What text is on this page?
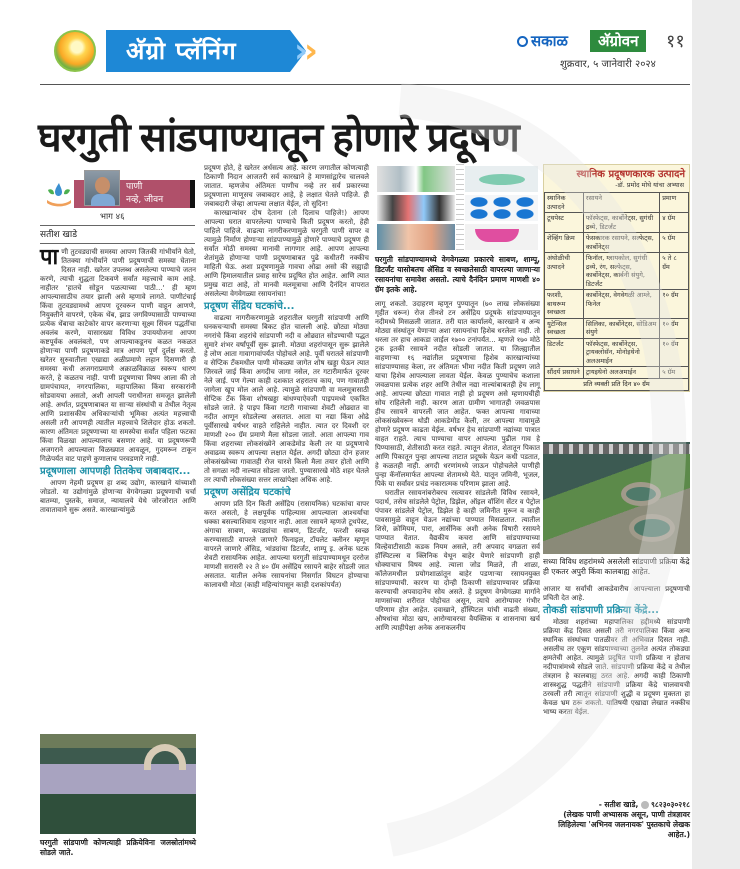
अ‍ॅग्रो प्लॅनिंग	›
›	सकाळ	अ‍ॅग्रोवन	११
शुक्रवार, ५ जानेवारी २०२४
घरगुती सांडपाण्यातून होणारे प्रदूषण
पाणी
नव्हे, जीवन
भाग ४६
सतीश खाडे

पाणी तुटवड्याची समस्या आपण जितकी गांभीर्याने घेतो, तितक्या गांभीर्याने पाणी प्रदूषणाची समस्या घेताना दिसत नाही. खरेतर उपलब्ध असलेल्या पाण्याचे जतन करणे, त्याची शुद्धता टिकवणे सर्वांत महत्त्वाचे काम आहे. नाहीतर 'हातचे सोडून पळत्याच्या पाठी...' ही म्हण आपल्यासाठीच तयार झाली असे म्हणावे लागते. पाणीटंचाई किंवा तुटवड्यामध्ये आपण दूरवरून पाणी वाहून आणणे, नियुक्तीने वापरणे, एकेक थेंब, झाड जगविण्यासाठी पाण्याच्या प्रत्येक थेंबाचा काटेकोर वापर करणाऱ्या सूक्ष्म सिंचन पद्धतींचा अवलंब करणे, यासारख्या विविध उपाययोजना आपण कष्टपूर्वक अवलंबतो, पण आपल्याकडूनच कळत नकळत होणाऱ्या पाणी प्रदूषणाकडे मात्र आपण पूर्ण दुर्लक्ष करतो. खरेतर सुरुवातीला एखाद्या अळीप्रमाणे लहान दिसणारी ही समस्या कधी अजगराप्रमाणे अक्राळविक्राळ स्वरूप धारण करते, हे कळतच नाही. पाणी प्रदूषणाचा विषय आला की तो ग्रामपंचायत, नगरपालिका, महापालिका किंवा सरकारांनी सोडवायचा असतो, अशी आपली पराधीनता समजूत झालेली आहे. अर्थात, प्रदूषणाबाबत या साऱ्या संस्थांची व तेथील नेतृत्व आणि प्रशासकीय अधिकाऱ्यांची भूमिका अत्यंत महत्त्वाची असली तरी आपणही त्यातील महत्त्वाचे शिलेदार होऊ शकतो. कारण अंतिमतः प्रदूषणाच्या या समस्येचा सर्वांत पहिला फटका किंवा विळखा आपल्यालाच बसणार आहे. या प्रदूषणरूपी अजगराने आपल्याला विळख्यात आवळून, गुदमरून टाकून गिळेपर्यंत वाट पाहणे कुणालाच परवडणारे नाही.

प्रदूषणाला आपणही तितकेच जबाबदार...

आपण नेहमी प्रदूषण हा शब्द उद्योग, कारखाने यांच्याशी जोडतो. या उद्योगांमुळे होणाऱ्या वेगवेगळ्या प्रदूषणाची चर्चा बातम्या, पुस्तके, समाज, न्यायालये येथे जोरजोरात आणि तावातावाने सुरू असते. कारखान्यांमुळे

घरगुती सांडपाणी कोणत्याही प्रक्रियेविना जलस्रोतांमध्ये सोडले जाते.

प्रदूषण होते, हे खरेतर अर्धसत्य आहे. कारण जगातील कोणत्याही ठिकाणी निदान आजतरी सर्व कारखाने हे माणसांद्वारेच चालवले जातात. म्हणजेच अंतिमतः पाणीच नव्हे तर सर्व प्रकारच्या प्रदूषणाला माणूसच जबाबदार आहे, हे लक्षात घेतले पाहिजे. ही जबाबदारी जेव्हा आपल्या लक्षात येईल, तो सुदिन!

कारखान्यांवर दोष देताना (तो दिलाच पाहिजे!) आपण आपल्या घरात वापरलेल्या पाण्याचे किती प्रदूषण करतो, हेही पाहिले पाहिजे. वाढत्या नागरीकरणामुळे घरगुती पाणी वापर व त्यामुळे निर्माण होणाऱ्या सांडपाण्यामुळे होणारे पाण्याचे प्रदूषण ही सर्वांत मोठी समस्या मानावी लागणार आहे. आपण आपल्या शेतांमुळे होणाऱ्या पाणी प्रदूषणाबाबत पुढे कधीतरी नक्कीच माहिती घेऊ. अशा प्रदूषणामुळे गावचा ओढा असो की सह्याद्री आणि हिमालयातील प्रवाह सारेच प्रदूषित होत आहेत. आणि त्यात प्रमुख वाटा आहे, तो मानवी मलमूत्राचा आणि दैनंदिन वापरात असलेल्या वेगवेगळ्या रसायनांचा!

प्रदूषण सेंद्रिय घटकांचे...

वाढत्या नागरीकरणामुळे शहरातील घरगुती सांडपाणी आणि घनकचऱ्याची समस्या बिकट होत चालली आहे. छोट्या मोठ्या नगरांचे किंवा शहरांचे सांडपाणी नदी व ओढ्यात सोडण्याची पद्धत सुमारे शंभर वर्षांपूर्वी सुरू झाली. मोठ्या शहरांपासून सुरू झालेले हे लोण आता गावागावांपर्यंत पोहोचले आहे. पूर्वी घरातले सांडपाणी व सेप्टिक टँकमधील पाणी मोकळ्या जागेत शोष खड्डा घेऊन त्यात जिरवले जाई किंवा अगदीच जागा नसेल, तर गटारीमार्फत दूरवर नेले जाई. पण गेल्या काही दशकात शहरातच काय, पण गावातही जागेला खूप मोल आले आहे. त्यामुळे सांडपाणी वा मलमूत्रासाठी सेप्टिक टँक किंवा शोषखड्डा बांधण्याऐवजी पाइपमध्ये एकत्रित सोडले जाते. हे पाइप किंवा गटारी गावाच्या शेवटी ओढ्यात वा नदीत आणून सोडलेल्या असतात. आता या नद्या किंवा ओढे पूर्वीसारखे वर्षभर वाहते राहिलेले नाहीत. त्यात दर दिवशी दर माणशी २०० ग्रॅम प्रमाणे मैला सोडला जातो. आता आपल्या गाव किंवा शहराच्या लोकसंख्येने आकडेमोड केली तर या प्रदूषणाचे अवाढव्य स्वरूप आपल्या लक्षात येईल. अगदी छोट्या दोन हजार लोकसंख्येच्या गावातही रोज चारशे किलो मैला तयार होतो आणि तो सगळा नदी नाल्यात सोडला जातो. पुण्यासारखे मोठे शहर घेतले तर त्याची लोकसंख्या सत्तर लाखांपेक्षा अधिक आहे.

प्रदूषण असेंद्रिय घटकांचे

आपण प्रति दिन किती असेंद्रिय (रासायनिक) घटकांचा वापर करत असतो, हे लक्षपूर्वक पाहिल्यास आपल्याला आश्चर्याचा धक्का बसल्याशिवाय राहणार नाही. आता रसायने म्हणजे टूथपेस्ट, अंगाचा साबण, कपड्यांचा साबण, डिटर्जंट, फरशी स्वच्छ करण्यासाठी वापरले जाणारे फिनाइल, टॉयलेट क्लीनर म्हणून वापरले जाणारे ॲसिड, भांड्यांचा डिटर्जंट, शाम्पू इ. अनेक घटक शेवटी रासायनिक आहेत. आपल्या घरगुती सांडपाण्यामधून दररोज माणशी सरासरी २२ ते ४० ग्रॅम असेंद्रिय रसायने बाहेर सोडली जात असतात. यातील अनेक रसायनांचा निसर्गात विघटन होण्याचा कालावधी मोठा (काही महिन्यांपासून काही दशकांपर्यंत)

घरगुती सांडपाण्यामध्ये वेगवेगळ्या प्रकारचे साबण, शाम्पू, डिटर्जंट यासोबतच ॲसिड व स्वच्छतेसाठी वापरल्या जाणाऱ्या रसायनांचा समावेश असतो. त्याचे दैनंदिन प्रमाण माणशी ४० ग्रॅम इतके आहे.

लागू शकतो. उदाहरण म्हणून पुण्यातून (७० लाख लोकसंख्या गृहीत धरून) रोज तीनशे टन असेंद्रिय प्रदूषके सांडपाण्यातून नदीमध्ये मिसळली जातात. तरी यात कार्यालये, कारखाने व अन्य मोठ्या संस्थांतून येणाऱ्या अशा रसायनांचा हिशेब धरलेला नाही. तो धरला तर हाच आकडा जाईल १७०० टनांपर्यंत... म्हणजे १७० मोठे ट्रक इतकी रसायने नदीत सोडली जातात. या जिल्ह्यातील वाहणाऱ्या १६ नद्यांतील प्रदूषणाचा हिशेब कारखान्यांच्या सांडपाण्यासह केला, तर अंतिमतः भीमा नदीत किती प्रदूषण जाते याचा हिशेब आपल्याला लावता येईल. केवळ पुण्याचेच कशाला जवळपास प्रत्येक शहर आणि तेथील नद्या नाल्यांबाबतही हेच लागू आहे. आपल्या छोट्या गावात नाही हो प्रदूषण असे म्हणायचीही सोय राहिलेली नाही. कारण आता ग्रामीण भागातही जवळपास हीच रसायने वापरली जात आहेत. फक्त आपल्या गावाच्या लोकसंख्येवरून थोडी आकडेमोड केली, तर आपल्या गावामुळे होणारे प्रदूषण काढता येईल. वर्षभर हेच सांडपाणी नद्यांच्या पात्रात वाहत राहते. त्याच पाण्याचा वापर आपल्या पुढील गाव हे पिण्यासाठी, शेतीसाठी करत राहते. त्यातून शेतात, शेतातून पिकात आणि पिकातून पुन्हा आपल्या ताटात प्रदूषके येऊन कधी पडतात, हे कळतही नाही. अगदी धरणांमध्ये जाऊन पोहोचलेले पाणीही पुन्हा कॅनॉलमार्फत आपल्या शेतामध्ये येते. यातून जमिनी, भूजल, पिके या सर्वांवर प्रचंड नकारात्मक परिणाम झाला आहे.

घरातील रसायनांबरोबरच रस्त्यावर सांडलेली विविध रसायने, पदार्थ, तसेच सांडलेले पेट्रोल, डिझेल, ऑइल वॉशिंग सेंटर व पेट्रोल पंपावर सांडलेले पेट्रोल, डिझेल हे काही जमिनीत मुरून व काही पावसामुळे वाहून येऊन नद्यांच्या पाण्यात मिसळतात. त्यातील शिसे, क्रोमियम, पारा, आर्सेनिक अशी अनेक विषारी रसायने पाण्यात येतात. वैद्यकीय कचरा आणि सांडपाण्याच्या विल्हेवाटीसाठी कडक नियम असले, तरी अपवाद वगळता सर्व हॉस्पिटल्स व क्लिनिक येथून बाहेर येणारे सांडपाणी हाही धोक्याचाच विषय आहे. त्याला जोड मिळते, ती शाळा, कॉलेजमधील प्रयोगशाळांतून बाहेर पडणाऱ्या रसायनयुक्त सांडपाण्याची. कारण या दोन्ही ठिकाणी सांडपाण्यावर प्रक्रिया करण्याची अपवादानेच सोय असते. हे प्रदूषण वेगवेगळ्या मार्गाने माणसांच्या शरीरात पोहोचत असून, त्याचे आरोग्यावर गंभीर परिणाम होत आहेत. दवाखाने, हॉस्पिटल यांची वाढती संख्या, औषधांचा मोठा खप, आरोग्यावरचा वैयक्तिक व शासनाचा खर्च आणि त्याहीपेक्षा अनेक अनाकलनीय

स्थानिक प्रदूषणकारक उत्पादने
-डॉ. प्रमोद मोघे यांचा अभ्यास
स्थानिक उत्पादने	रसायने	प्रमाण
टूथपेस्ट	फॉस्फेट्स, कार्बोनेट्स, सुगंधी द्रव्ये, डिटर्जंट	४ ग्रॅम
शेव्हिंग क्रिम	फेसकारक रसायने, सल्फेट्स, कार्बोनेट्स	५ ग्रॅम
अंघोळीची उत्पादने	फिनॉल, ग्लायकोल, सुगंधी द्रव्ये, रंग, सल्फेट्स, कार्बोनेट्स, कार्बनी संयुगे, डिटर्जंट	५ ते ८ ग्रॅम
फरशी, बाथरूम स्वच्छता	कार्बोनेट्स, वेगवेगळी आम्ले, फिनेल	१० ग्रॅम
युटेन्सिल स्वच्छता	सिलिका, कार्बोनेट्स, सोडिअम संयुगे	१० ग्रॅम
डिटर्जंट	फॉस्फेट्स, कार्बोनेट्स, ट्रायक्लोसॅन, मोनोइथेनो अलअमाईन	१० ग्रॅम
सौंदर्य प्रसाधने	ट्रायइथेनो अलअमाईन	५ ग्रॅम
प्रति व्यक्ती प्रति दिन ४० ग्रॅम
सध्या विविध शहरांमध्ये असलेली सांडपाणी प्रक्रिया केंद्रे ही एकतर अपुरी किंवा कालबाह्य आहेत.

आजार या सर्वांची आकडेवारीच आपल्याला प्रदूषणाची प्रचिती देत आहे.

तोकडी सांडपाणी प्रक्रिया केंद्रे...

मोठ्या शहरांच्या महापालिका हद्दीमध्ये सांडपाणी प्रक्रिया केंद्र दिसत असली तरी नगरपालिका किंवा अन्य स्थानिक संस्थांच्या पातळीवर ती अभिवात दिसत नाही. असलीच तर एकूण सांडपाण्याच्या तुलनेत अत्यंत तोकड्या क्षमतेची आहेत. त्यामुळे प्रदूषित पाणी प्रक्रिया न होताच नदीपात्रांमध्ये सोडले जाते. सांडपाणी प्रक्रिया केंद्रे व तेथील तंत्रज्ञान हे कालबाह्य ठरत आहे. अगदी काही ठिकाणी शास्त्रशुद्ध पद्धतीने सांडपाणी प्रक्रिया केंद्रे चालवायची ठरवली तरी त्यातून सांडपाणी शुद्धी व प्रदूषण मुक्तता हा केवळ भ्रम ठरू शकतो. यातिषयी एखाद्या लेखात नक्कीच भाष्य करता येईल.

- सतीश खाडे, ९८२३०३०२१८
(लेखक पाणी अभ्यासक असून, पाणी तंत्रज्ञावर लिहिलेल्या 'अभिनव जलनायक' पुस्तकाचे लेखक आहेत.)
